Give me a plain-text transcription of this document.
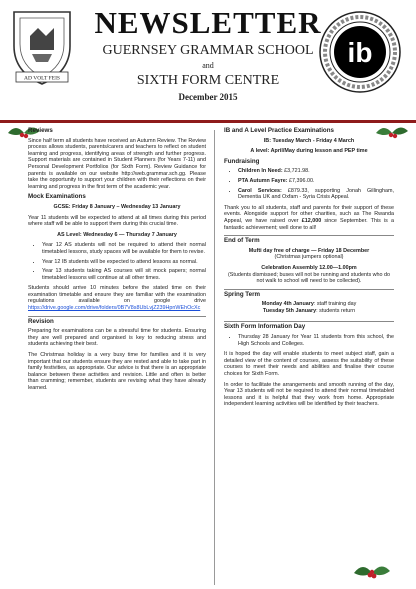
AD VOLT FEIS
NEWSLETTER
GUERNSEY GRAMMAR SCHOOL
and
SIXTH FORM CENTRE
December 2015
ib
Reviews

Since half term all students have received an Autumn Review. The Review process allows students, parents/carers and teachers to reflect on student learning and progress, identifying areas of strength and further progress. Support materials are contained in Student Planners (for Years 7-11) and Personal Development Portfolios (for Sixth Form). Review Guidance for parents is available on our website http://web.grammar.sch.gg. Please take the opportunity to support your children with their reflections on their learning and progress in the first term of the academic year.

Mock Examinations

GCSE: Friday 8 January – Wednesday 13 January

Year 11 students will be expected to attend at all times during this period where staff will be able to support them during this crucial time.

AS Level: Wednesday 6 — Thursday 7 January

• Year 12 AS students will not be required to attend their normal timetabled lessons, study spaces will be available for them to revise.
• Year 12 IB students will be expected to attend lessons as normal.
• Year 13 students taking AS courses will sit mock papers; normal timetabled lessons will continue at all other times.

Students should arrive 10 minutes before the stated time on their examination timetable and ensure they are familiar with the examination regulations available on google drive https://drive.google.com/drive/folders/0B7V8s8UbLvjZ239HpnWEhOcXc

Revision

Preparing for examinations can be a stressful time for students. Ensuring they are well prepared and organised is key to reducing stress and students achieving their best.

The Christmas holiday is a very busy time for families and it is very important that our students ensure they are rested and able to take part in family festivities, as appropriate. Our advice is that there is an appropriate balance between these activities and revision. Little and often is better than cramming; remember, students are revising what they have already learned.

IB and A Level Practice Examinations

IB: Tuesday March - Friday 4 March

A level: April/May during lesson and PEP time

Fundraising
• Children In Need: £3,721.98.
• PTA Autumn Fayre: £7,396.00.
• Carol Services: £879.33, supporting Jonah Gillingham, Dementia UK and Oxfam - Syria Crisis Appeal.

Thank you to all students, staff and parents for their support of these events. Alongside support for other charities, such as The Rwanda Appeal, we have raised over £12,000 since September. This is a fantastic achievement; well done to all!

End of Term

Mufti day free of charge — Friday 18 December

(Christmas jumpers optional)

Celebration Assembly 12.00—1.00pm

(Students dismissed; buses will not be running and students who do not walk to school will need to be collected).

Spring Term

Monday 4th January: staff training day

Tuesday 5th January: students return

Sixth Form Information Day
• Thursday 28 January for Year 11 students from this school, the High Schools and Colleges.

It is hoped the day will enable students to meet subject staff, gain a detailed view of the content of courses, assess the suitability of these courses to meet their needs and abilities and finalise their course choices for Sixth Form.

In order to facilitate the arrangements and smooth running of the day, Year 13 students will not be required to attend their normal timetabled lessons and it is helpful that they work from home. Appropriate independent learning activities will be identified by their teachers.
